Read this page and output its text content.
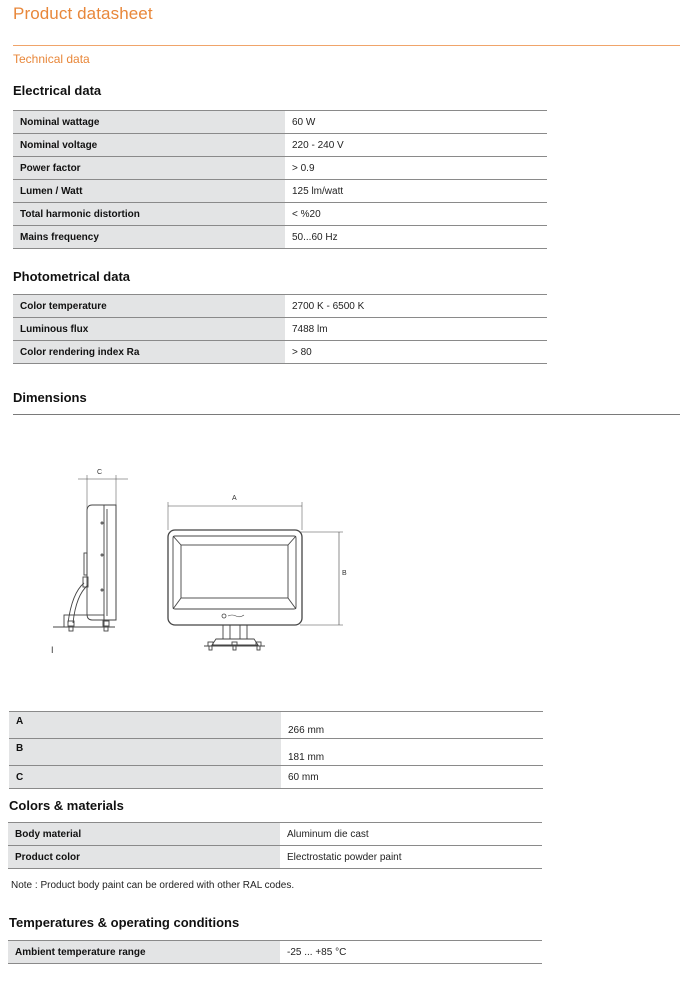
Product datasheet
Technical data
Electrical data
Nominal wattage	60 W
Nominal voltage	220 - 240 V
Power factor	> 0.9
Lumen / Watt	125 lm/watt
Total harmonic distortion	< %20
Mains frequency	50...60 Hz
Photometrical data
Color temperature	2700 K - 6500 K
Luminous flux	7488 lm
Color rendering index Ra	> 80
Dimensions
C
I
A
B
A	266 mm
B	181 mm
C	60 mm
Colors & materials
Body material	Aluminum die cast
Product color	Electrostatic powder paint
Note : Product body paint can be ordered with other RAL codes.
Temperatures & operating conditions
Ambient temperature range	-25 ... +85 °C
